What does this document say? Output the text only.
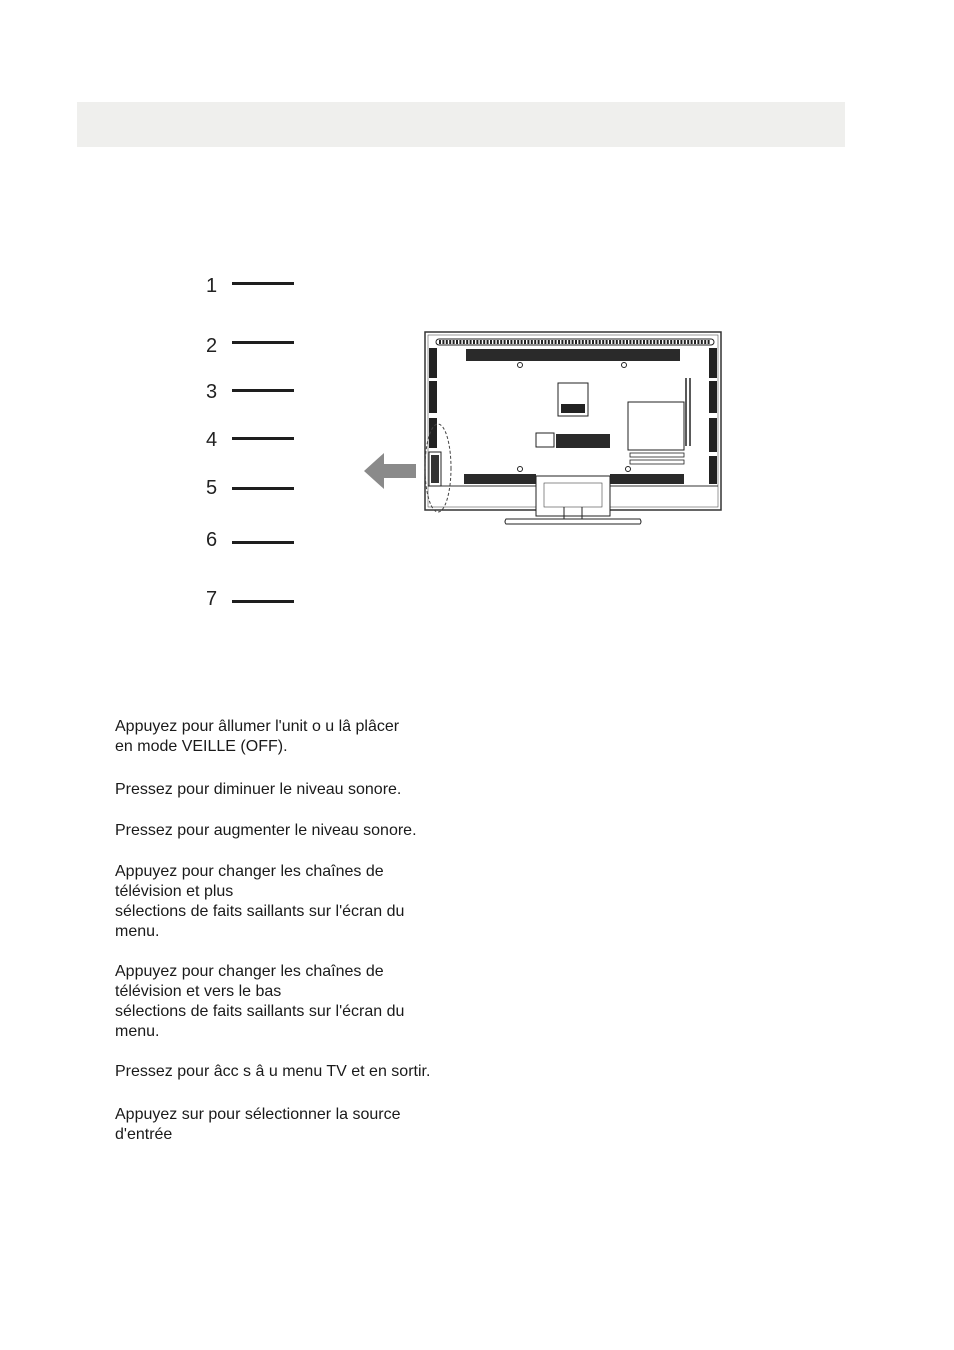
1
2
3
4
5
6
7
Appuyez pour âllumer l'unit o u lâ plâcer
en mode VEILLE (OFF).
Pressez pour diminuer le niveau sonore.
Pressez pour augmenter le niveau sonore.
Appuyez pour changer les chaînes de
télévision et plus
sélections de faits saillants sur l'écran du
menu.
Appuyez pour changer les chaînes de
télévision et vers le bas
sélections de faits saillants sur l'écran du
menu.
Pressez pour âcc s â u menu TV et en sortir.
Appuyez sur pour sélectionner la source
d'entrée
